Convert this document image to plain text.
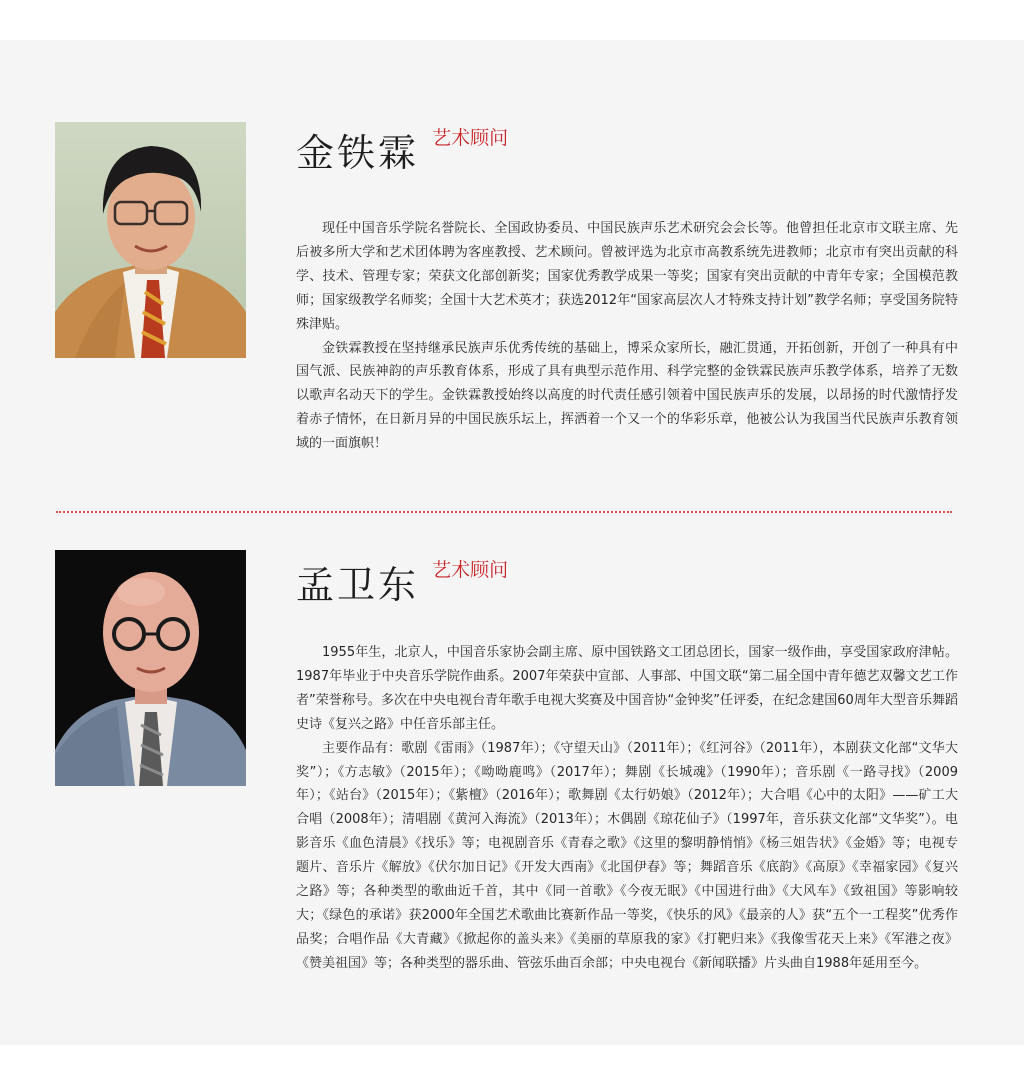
金铁霖 艺术顾问

现任中国音乐学院名誉院长、全国政协委员、中国民族声乐艺术研究会会长等。他曾担任北京市文联主席、先后被多所大学和艺术团体聘为客座教授、艺术顾问。曾被评选为北京市高教系统先进教师；北京市有突出贡献的科学、技术、管理专家；荣获文化部创新奖；国家优秀教学成果一等奖；国家有突出贡献的中青年专家；全国模范教师；国家级教学名师奖；全国十大艺术英才；获选2012年“国家高层次人才特殊支持计划”教学名师；享受国务院特殊津贴。

金铁霖教授在坚持继承民族声乐优秀传统的基础上，博采众家所长，融汇贯通，开拓创新，开创了一种具有中国气派、民族神韵的声乐教育体系，形成了具有典型示范作用、科学完整的金铁霖民族声乐教学体系，培养了无数以歌声名动天下的学生。金铁霖教授始终以高度的时代责任感引领着中国民族声乐的发展，以昂扬的时代激情抒发着赤子情怀，在日新月异的中国民族乐坛上，挥洒着一个又一个的华彩乐章，他被公认为我国当代民族声乐教育领域的一面旗帜！

孟卫东 艺术顾问

1955年生，北京人，中国音乐家协会副主席、原中国铁路文工团总团长，国家一级作曲，享受国家政府津帖。1987年毕业于中央音乐学院作曲系。2007年荣获中宣部、人事部、中国文联“第二届全国中青年德艺双馨文艺工作者”荣誉称号。多次在中央电视台青年歌手电视大奖赛及中国音协“金钟奖”任评委，在纪念建国60周年大型音乐舞蹈史诗《复兴之路》中任音乐部主任。

主要作品有：歌剧《雷雨》（1987年）；《守望天山》（2011年）；《红河谷》（2011年），本剧获文化部“文华大奖”）；《方志敏》（2015年）；《呦呦鹿鸣》（2017年）；舞剧《长城魂》（1990年）；音乐剧《一路寻找》（2009年）；《站台》（2015年）；《紫檀》（2016年）；歌舞剧《太行奶娘》（2012年）；大合唱《心中的太阳》——矿工大合唱（2008年）；清唱剧《黄河入海流》（2013年）；木偶剧《琼花仙子》（1997年，音乐获文化部“文华奖”）。电影音乐《血色清晨》《找乐》等；电视剧音乐《青春之歌》《这里的黎明静悄悄》《杨三姐告状》《金婚》等；电视专题片、音乐片《解放》《伏尔加日记》《开发大西南》《北国伊春》等；舞蹈音乐《底韵》《高原》《幸福家园》《复兴之路》等；各种类型的歌曲近千首，其中《同一首歌》《今夜无眠》《中国进行曲》《大风车》《致祖国》等影响较大；《绿色的承诺》获2000年全国艺术歌曲比赛新作品一等奖，《快乐的风》《最亲的人》获“五个一工程奖”优秀作品奖；合唱作品《大青藏》《掀起你的盖头来》《美丽的草原我的家》《打靶归来》《我像雪花天上来》《军港之夜》《赞美祖国》等；各种类型的器乐曲、管弦乐曲百余部；中央电视台《新闻联播》片头曲自1988年延用至今。
